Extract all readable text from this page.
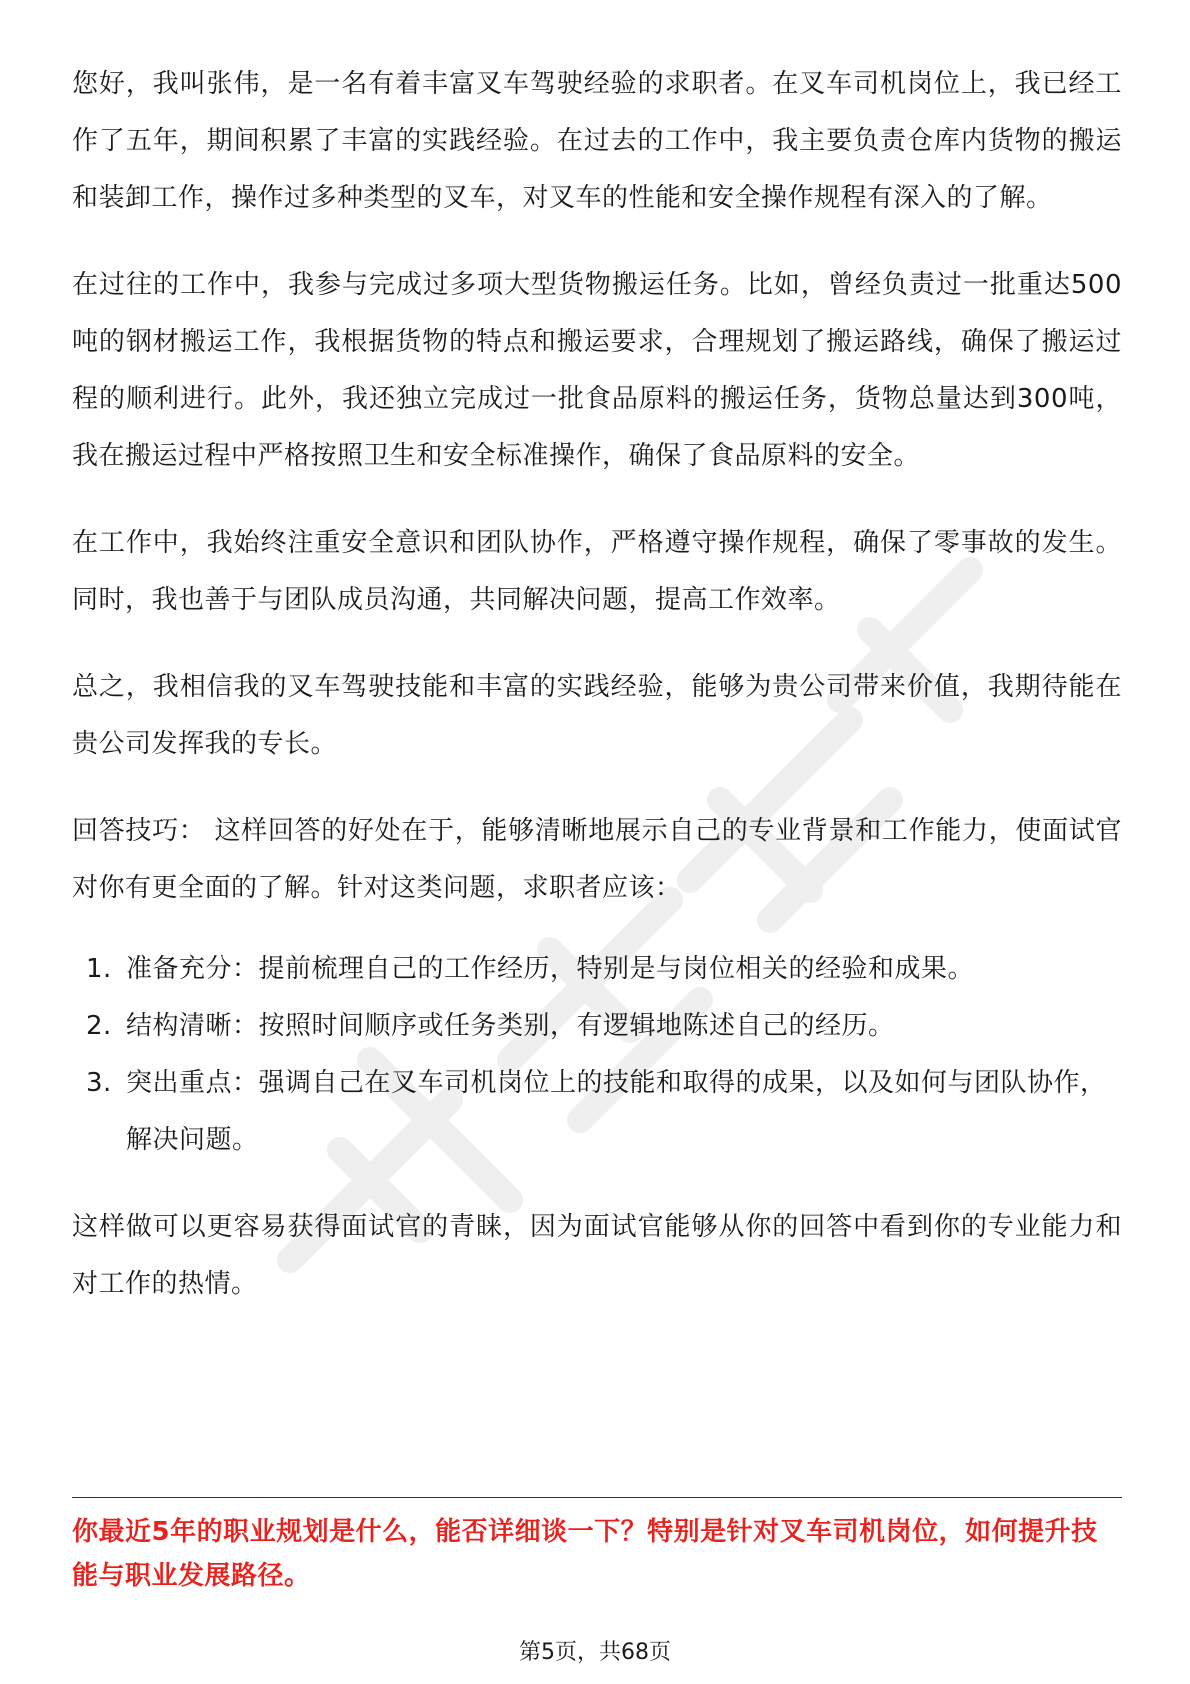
您好，我叫张伟，是一名有着丰富叉车驾驶经验的求职者。在叉车司机岗位上，我已经工作了五年，期间积累了丰富的实践经验。在过去的工作中，我主要负责仓库内货物的搬运和装卸工作，操作过多种类型的叉车，对叉车的性能和安全操作规程有深入的了解。

在过往的工作中，我参与完成过多项大型货物搬运任务。比如，曾经负责过一批重达500吨的钢材搬运工作，我根据货物的特点和搬运要求，合理规划了搬运路线，确保了搬运过程的顺利进行。此外，我还独立完成过一批食品原料的搬运任务，货物总量达到300吨，我在搬运过程中严格按照卫生和安全标准操作，确保了食品原料的安全。

在工作中，我始终注重安全意识和团队协作，严格遵守操作规程，确保了零事故的发生。同时，我也善于与团队成员沟通，共同解决问题，提高工作效率。

总之，我相信我的叉车驾驶技能和丰富的实践经验，能够为贵公司带来价值，我期待能在贵公司发挥我的专长。

回答技巧： 这样回答的好处在于，能够清晰地展示自己的专业背景和工作能力，使面试官对你有更全面的了解。针对这类问题，求职者应该：

1. 准备充分：提前梳理自己的工作经历，特别是与岗位相关的经验和成果。
2. 结构清晰：按照时间顺序或任务类别，有逻辑地陈述自己的经历。
3. 突出重点：强调自己在叉车司机岗位上的技能和取得的成果，以及如何与团队协作，解决问题。

这样做可以更容易获得面试官的青睐，因为面试官能够从你的回答中看到你的专业能力和对工作的热情。

你最近5年的职业规划是什么，能否详细谈一下？特别是针对叉车司机岗位，如何提升技能与职业发展路径。

第5页，共68页
